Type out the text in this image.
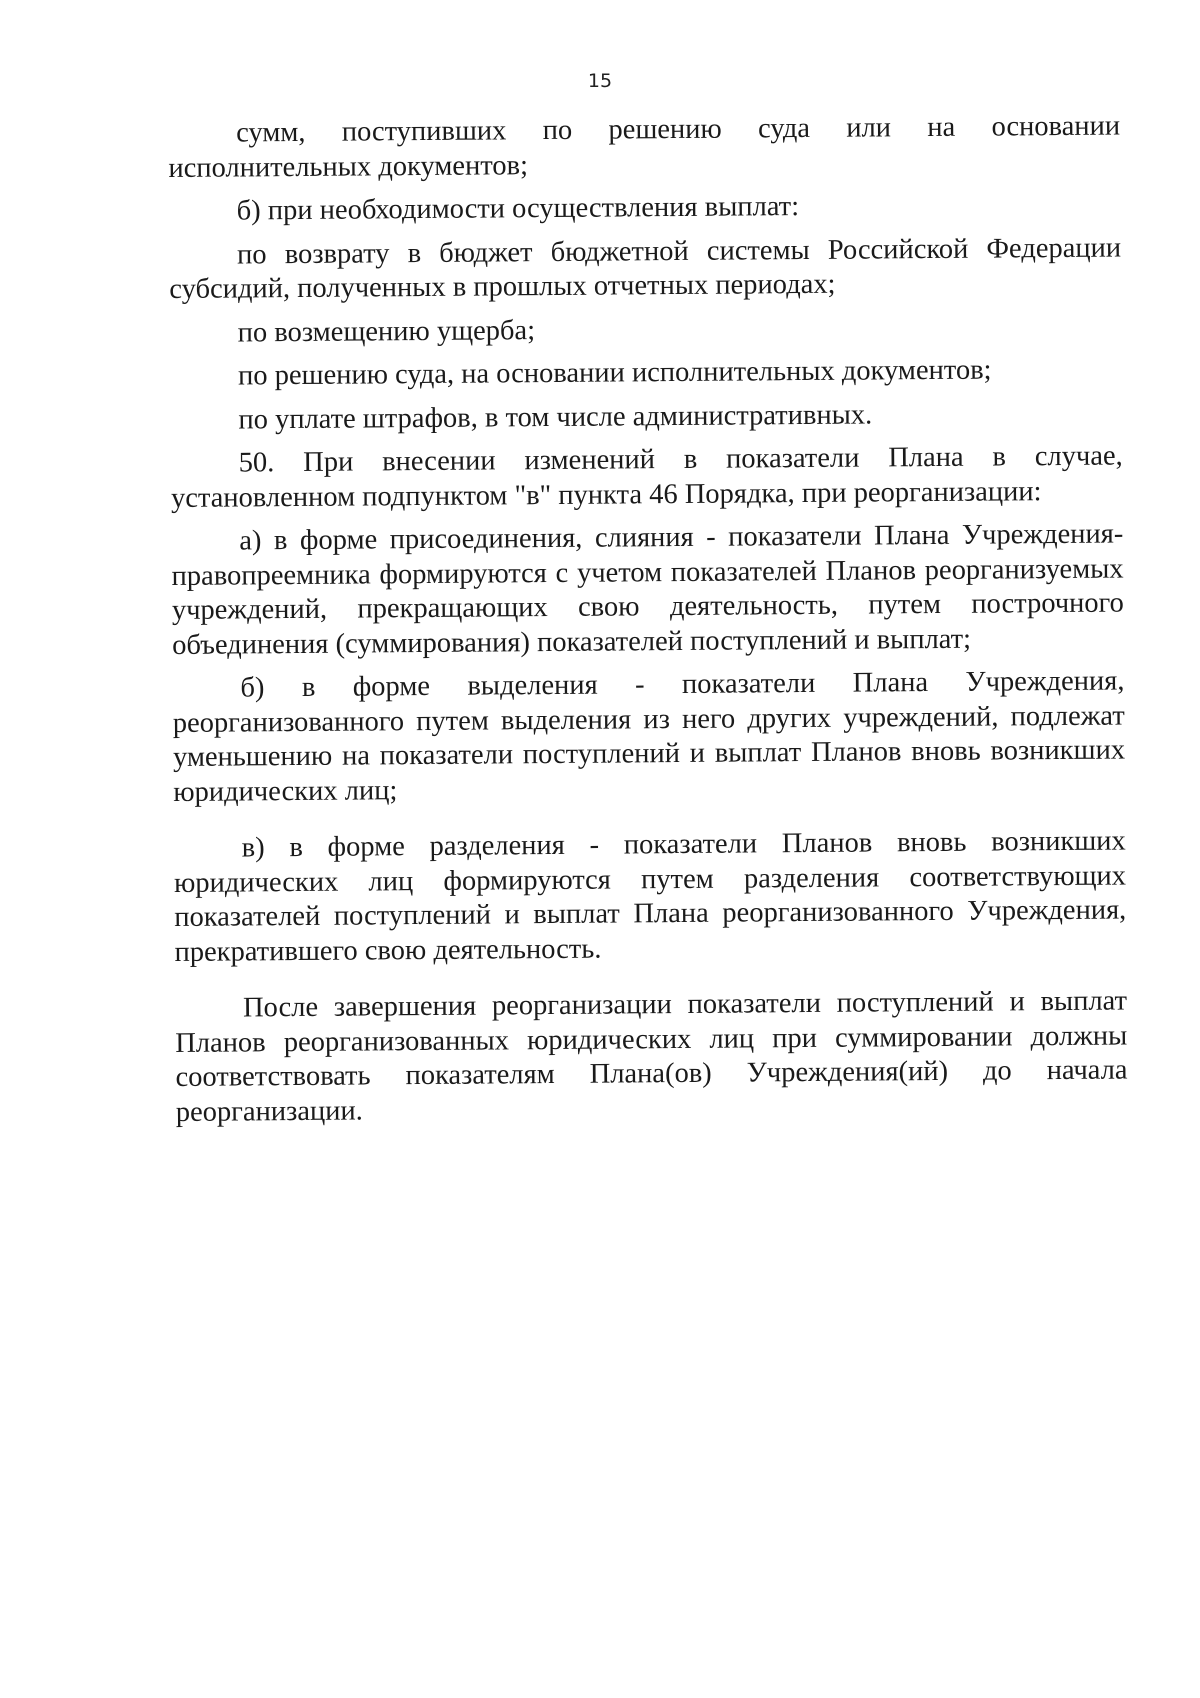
15

сумм, поступивших по решению суда или на основании исполнительных документов;

б) при необходимости осуществления выплат:

по возврату в бюджет бюджетной системы Российской Федерации субсидий, полученных в прошлых отчетных периодах;

по возмещению ущерба;

по решению суда, на основании исполнительных документов;

по уплате штрафов, в том числе административных.

50. При внесении изменений в показатели Плана в случае, установленном подпунктом "в" пункта 46 Порядка, при реорганизации:

а) в форме присоединения, слияния - показатели Плана Учреждения-правопреемника формируются с учетом показателей Планов реорганизуемых учреждений, прекращающих свою деятельность, путем построчного объединения (суммирования) показателей поступлений и выплат;

б) в форме выделения - показатели Плана Учреждения, реорганизованного путем выделения из него других учреждений, подлежат уменьшению на показатели поступлений и выплат Планов вновь возникших юридических лиц;

в) в форме разделения - показатели Планов вновь возникших юридических лиц формируются путем разделения соответствующих показателей поступлений и выплат Плана реорганизованного Учреждения, прекратившего свою деятельность.

После завершения реорганизации показатели поступлений и выплат Планов реорганизованных юридических лиц при суммировании должны соответствовать показателям Плана(ов) Учреждения(ий) до начала реорганизации.
